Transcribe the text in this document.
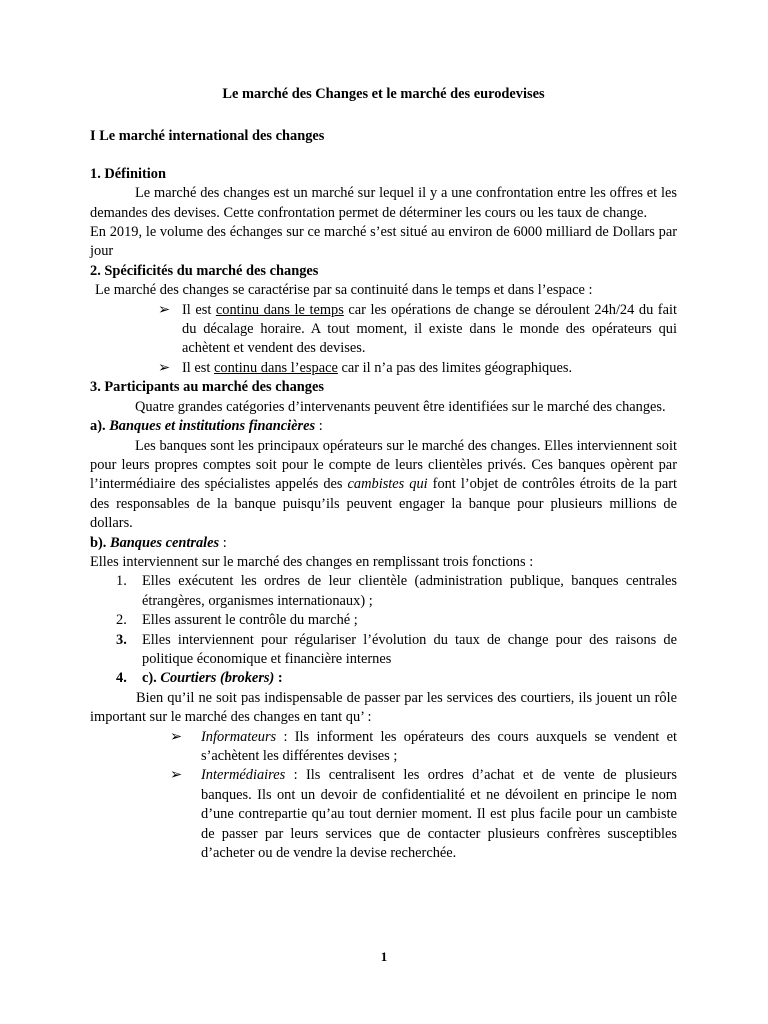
Le marché des Changes et le marché des eurodevises

I Le marché international des changes

1. Définition

Le marché des changes est un marché sur lequel il y a une confrontation entre les offres et les demandes des devises. Cette confrontation permet de déterminer les cours ou les taux de change.

En 2019, le volume des échanges sur ce marché s’est situé au environ de 6000 milliard de Dollars par jour

2. Spécificités du marché des changes

Le marché des changes se caractérise par sa continuité dans le temps et dans l’espace :

➢ Il est continu dans le temps car les opérations de change se déroulent 24h/24 du fait du décalage horaire. A tout moment, il existe dans le monde des opérateurs qui achètent et vendent des devises.
➢ Il est continu dans l’espace car il n’a pas des limites géographiques.

3. Participants au marché des changes

Quatre grandes catégories d’intervenants peuvent être identifiées sur le marché des changes.

a). Banques et institutions financières :

Les banques sont les principaux opérateurs sur le marché des changes. Elles interviennent soit pour leurs propres comptes soit pour le compte de leurs clientèles privés. Ces banques opèrent par l’intermédiaire des spécialistes appelés des cambistes qui font l’objet de contrôles étroits de la part des responsables de la banque puisqu’ils peuvent engager la banque pour plusieurs millions de dollars.

b). Banques centrales :

Elles interviennent sur le marché des changes en remplissant trois fonctions :

1. Elles exécutent les ordres de leur clientèle (administration publique, banques centrales étrangères, organismes internationaux) ;
2. Elles assurent le contrôle du marché ;
3. Elles interviennent pour régulariser l’évolution du taux de change pour des raisons de politique économique et financière internes
4. c). Courtiers (brokers) :

Bien qu’il ne soit pas indispensable de passer par les services des courtiers, ils jouent un rôle important sur le marché des changes en tant qu’ :

➢ Informateurs : Ils informent les opérateurs des cours auxquels se vendent et s’achètent les différentes devises ;
➢ Intermédiaires : Ils centralisent les ordres d’achat et de vente de plusieurs banques. Ils ont un devoir de confidentialité et ne dévoilent en principe le nom d’une contrepartie qu’au tout dernier moment. Il est plus facile pour un cambiste de passer par leurs services que de contacter plusieurs confrères susceptibles d’acheter ou de vendre la devise recherchée.
1
